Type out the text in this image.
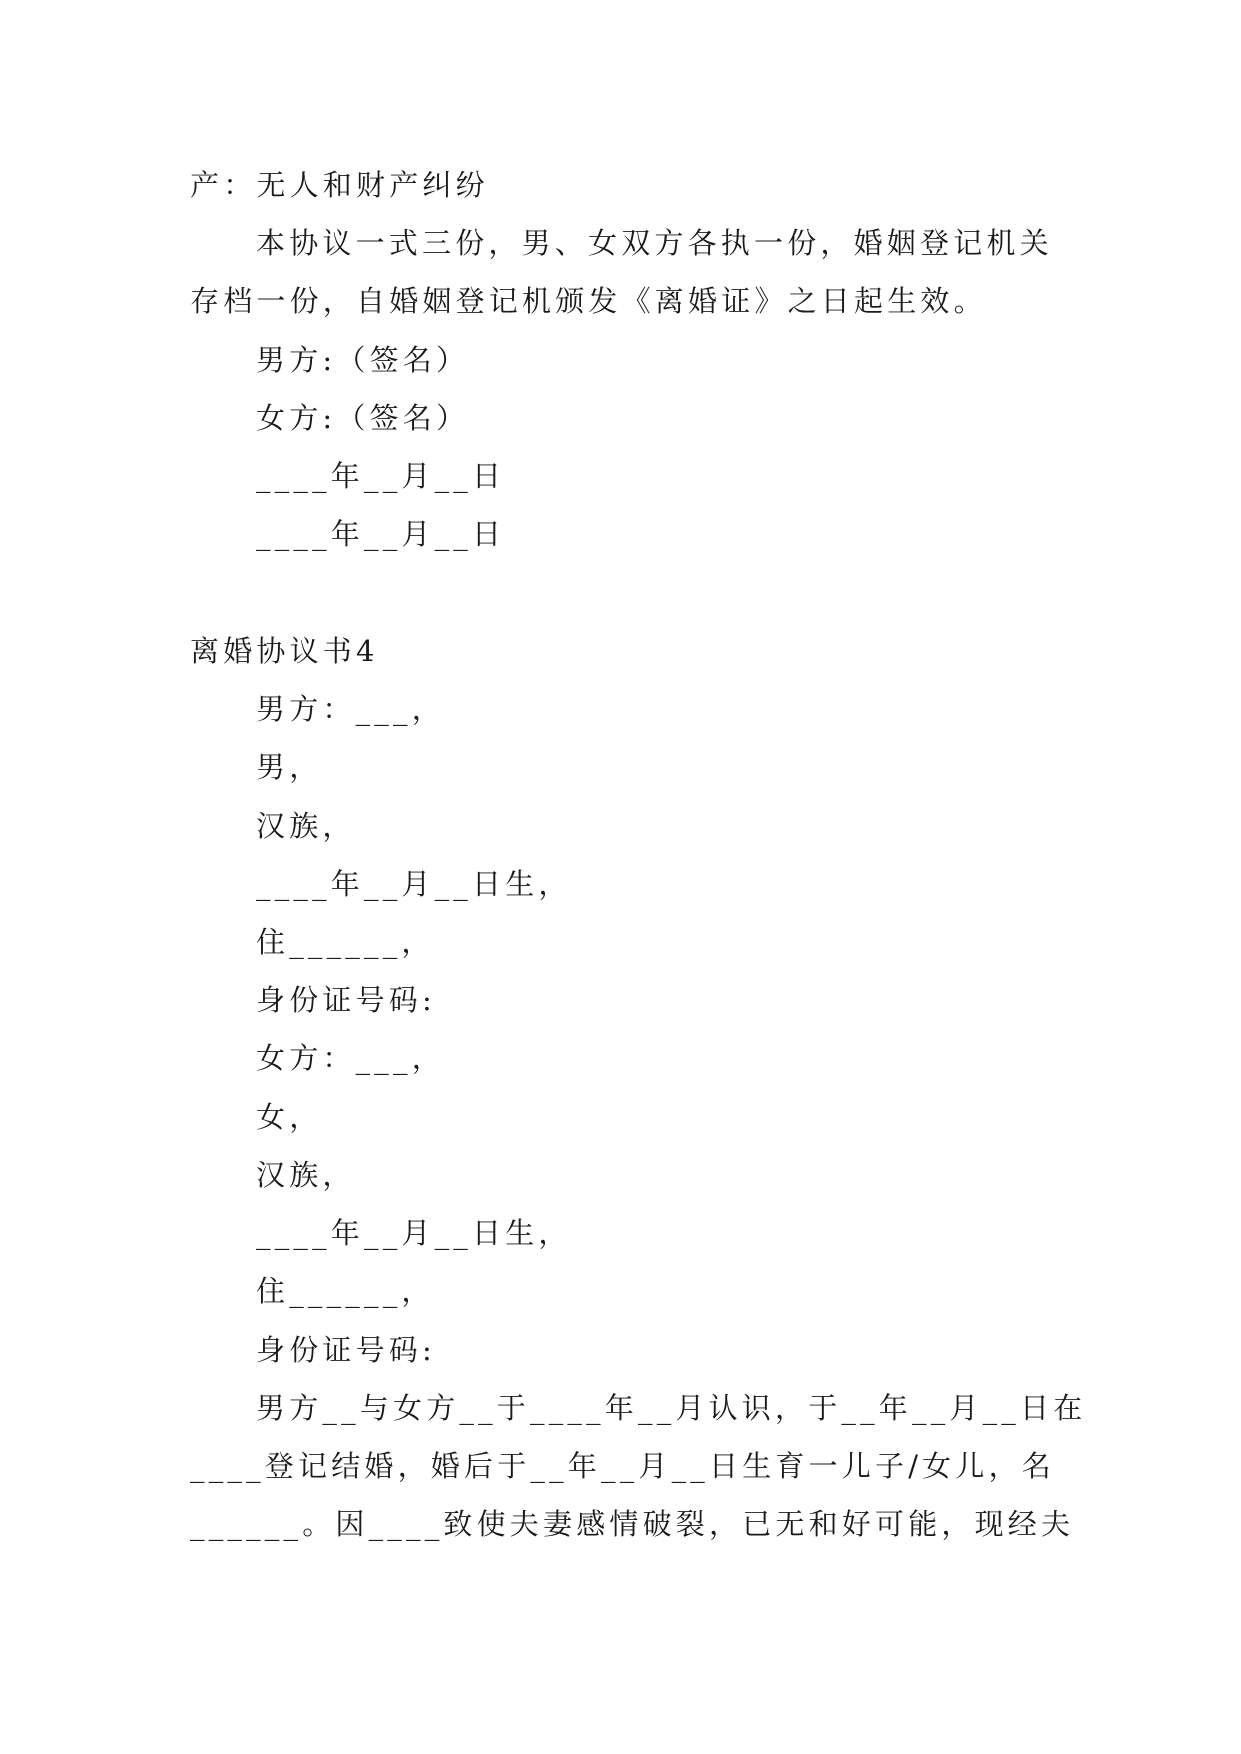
产：无人和财产纠纷

本协议一式三份，男、女双方各执一份，婚姻登记机关

存档一份，自婚姻登记机颁发《离婚证》之日起生效。

男方:（签名）

女方:（签名）

____年__月__日

____年__月__日

离婚协议书4

男方：___，

男，

汉族，

____年__月__日生，

住______，

身份证号码:

女方：___，

女，

汉族，

____年__月__日生，

住______，

身份证号码:

男方__与女方__于____年__月认识，于__年__月__日在

____登记结婚，婚后于__年__月__日生育一儿子/女儿，名

______。因____致使夫妻感情破裂，已无和好可能，现经夫
